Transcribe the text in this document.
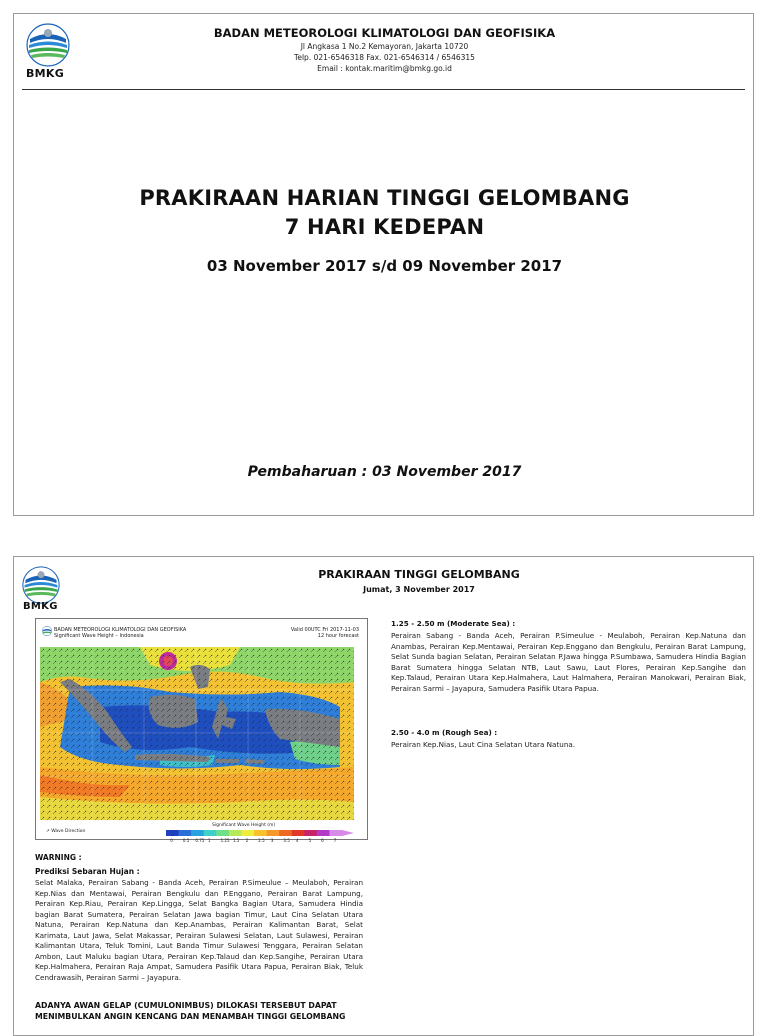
BMKG
BADAN METEOROLOGI KLIMATOLOGI DAN GEOFISIKA
Jl Angkasa 1 No.2 Kemayoran, Jakarta 10720
Telp. 021-6546318 Fax. 021-6546314 / 6546315
Email : kontak.maritim@bmkg.go.id
PRAKIRAAN HARIAN TINGGI GELOMBANG
7 HARI KEDEPAN
03 November 2017 s/d 09 November 2017
Pembaharuan : 03 November 2017
BMKG
PRAKIRAAN TINGGI GELOMBANG
Jumat, 3 November 2017
BADAN METEOROLOGI KLIMATOLOGI DAN GEOFISIKA
Significant Wave Height – Indonesia
Valid 00UTC Fri 2017-11-03
12 hour forecast
Significant Wave Height (m)
↗ Wave Direction
0	0.5 0.75 1	1.25 1.5 2	2.5 3 3.5 4	5 6	7
1.25 - 2.50 m (Moderate Sea) :
Perairan Sabang - Banda Aceh, Perairan P.Simeulue - Meulaboh, Perairan Kep.Natuna dan Anambas, Perairan Kep.Mentawai, Perairan Kep.Enggano dan Bengkulu, Perairan Barat Lampung, Selat Sunda bagian Selatan, Perairan Selatan P.Jawa hingga P.Sumbawa, Samudera Hindia Bagian Barat Sumatera hingga Selatan NTB, Laut Sawu, Laut Flores, Perairan Kep.Sangihe dan Kep.Talaud, Perairan Utara Kep.Halmahera, Laut Halmahera, Perairan Manokwari, Perairan Biak, Perairan Sarmi – Jayapura, Samudera Pasifik Utara Papua.
2.50 - 4.0 m (Rough Sea) :
Perairan Kep.Nias, Laut Cina Selatan Utara Natuna.
WARNING :
Prediksi Sebaran Hujan :
Selat Malaka, Perairan Sabang - Banda Aceh, Perairan P.Simeulue – Meulaboh, Perairan Kep.Nias dan Mentawai, Perairan Bengkulu dan P.Enggano, Perairan Barat Lampung, Perairan Kep.Riau, Perairan Kep.Lingga, Selat Bangka Bagian Utara, Samudera Hindia bagian Barat Sumatera, Perairan Selatan Jawa bagian Timur, Laut Cina Selatan Utara Natuna, Perairan Kep.Natuna dan Kep.Anambas, Perairan Kalimantan Barat, Selat Karimata, Laut Jawa, Selat Makassar, Perairan Sulawesi Selatan, Laut Sulawesi, Perairan Kalimantan Utara, Teluk Tomini, Laut Banda Timur Sulawesi Tenggara, Perairan Selatan Ambon, Laut Maluku bagian Utara, Perairan Kep.Talaud dan Kep.Sangihe, Perairan Utara Kep.Halmahera, Perairan Raja Ampat, Samudera Pasifik Utara Papua, Perairan Biak, Teluk Cendrawasih, Perairan Sarmi – Jayapura.
ADANYA AWAN GELAP (CUMULONIMBUS) DILOKASI TERSEBUT DAPAT
MENIMBULKAN ANGIN KENCANG DAN MENAMBAH TINGGI GELOMBANG
